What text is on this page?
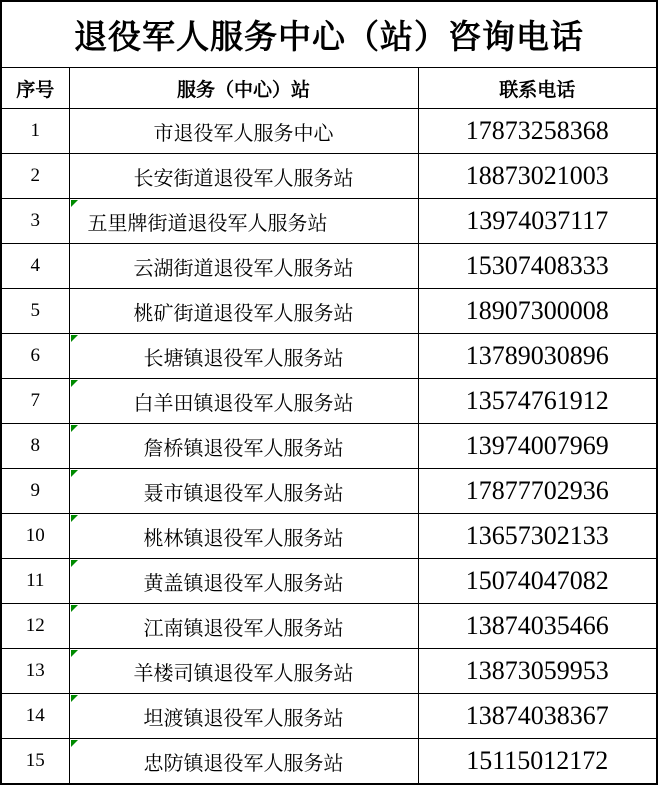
退役军人服务中心（站）咨询电话		
序号	服务（中心）站	联系电话
1	市退役军人服务中心	17873258368
2	长安街道退役军人服务站	18873021003
3	五里牌街道退役军人服务站	13974037117
4	云湖街道退役军人服务站	15307408333
5	桃矿街道退役军人服务站	18907300008
6	长塘镇退役军人服务站	13789030896
7	白羊田镇退役军人服务站	13574761912
8	詹桥镇退役军人服务站	13974007969
9	聂市镇退役军人服务站	17877702936
10	桃林镇退役军人服务站	13657302133
11	黄盖镇退役军人服务站	15074047082
12	江南镇退役军人服务站	13874035466
13	羊楼司镇退役军人服务站	13873059953
14	坦渡镇退役军人服务站	13874038367
15	忠防镇退役军人服务站	15115012172
